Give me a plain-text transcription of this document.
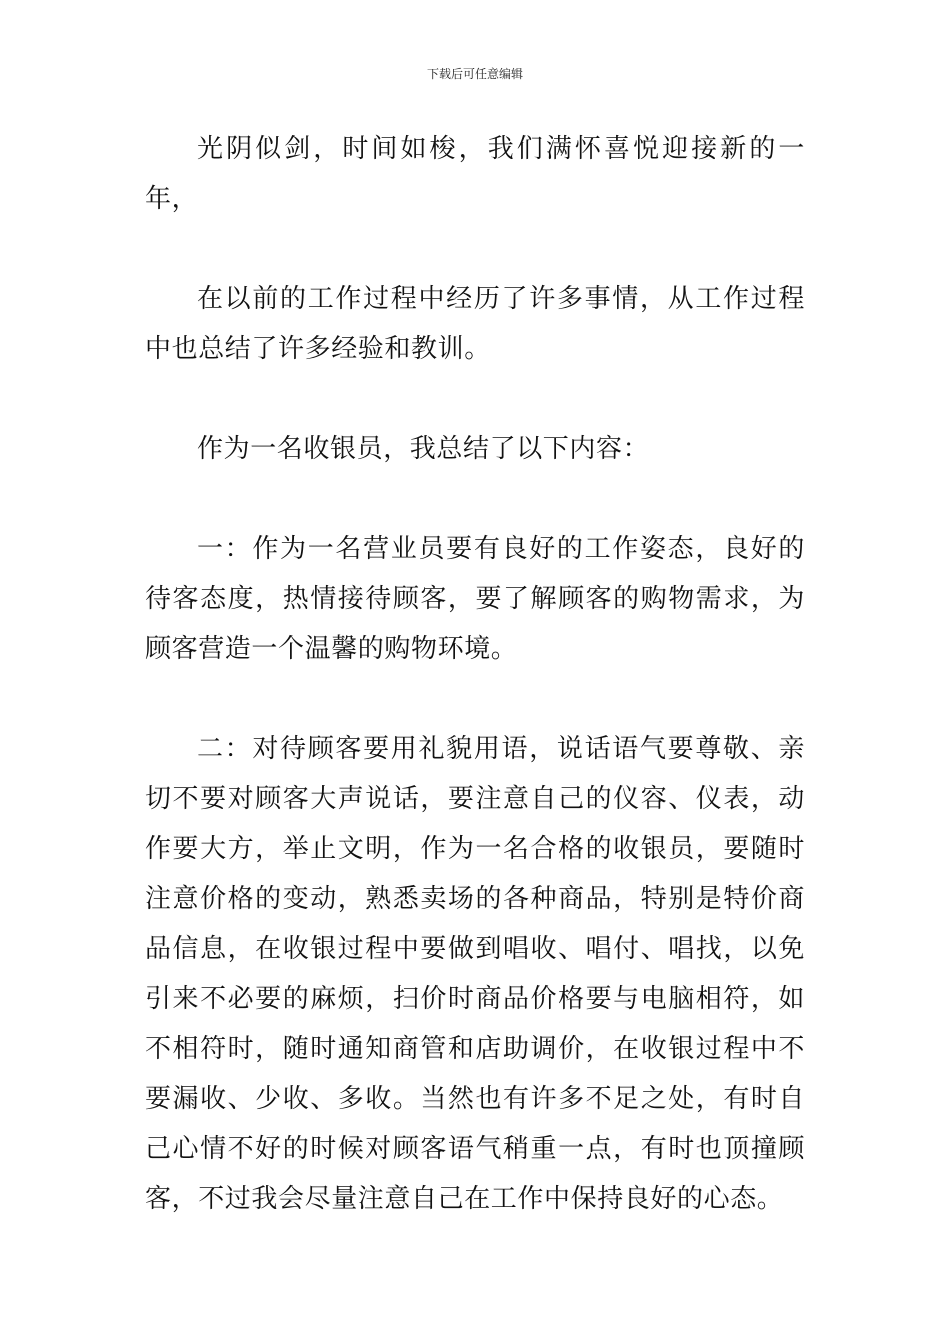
下载后可任意编辑

光阴似剑，时间如梭，我们满怀喜悦迎接新的一年，

在以前的工作过程中经历了许多事情，从工作过程中也总结了许多经验和教训。

作为一名收银员，我总结了以下内容：

一：作为一名营业员要有良好的工作姿态，良好的待客态度，热情接待顾客，要了解顾客的购物需求，为顾客营造一个温馨的购物环境。

二：对待顾客要用礼貌用语，说话语气要尊敬、亲切不要对顾客大声说话，要注意自己的仪容、仪表，动作要大方，举止文明，作为一名合格的收银员，要随时注意价格的变动，熟悉卖场的各种商品，特别是特价商品信息，在收银过程中要做到唱收、唱付、唱找，以免引来不必要的麻烦，扫价时商品价格要与电脑相符，如不相符时，随时通知商管和店助调价，在收银过程中不要漏收、少收、多收。当然也有许多不足之处，有时自己心情不好的时候对顾客语气稍重一点，有时也顶撞顾客，不过我会尽量注意自己在工作中保持良好的心态。
